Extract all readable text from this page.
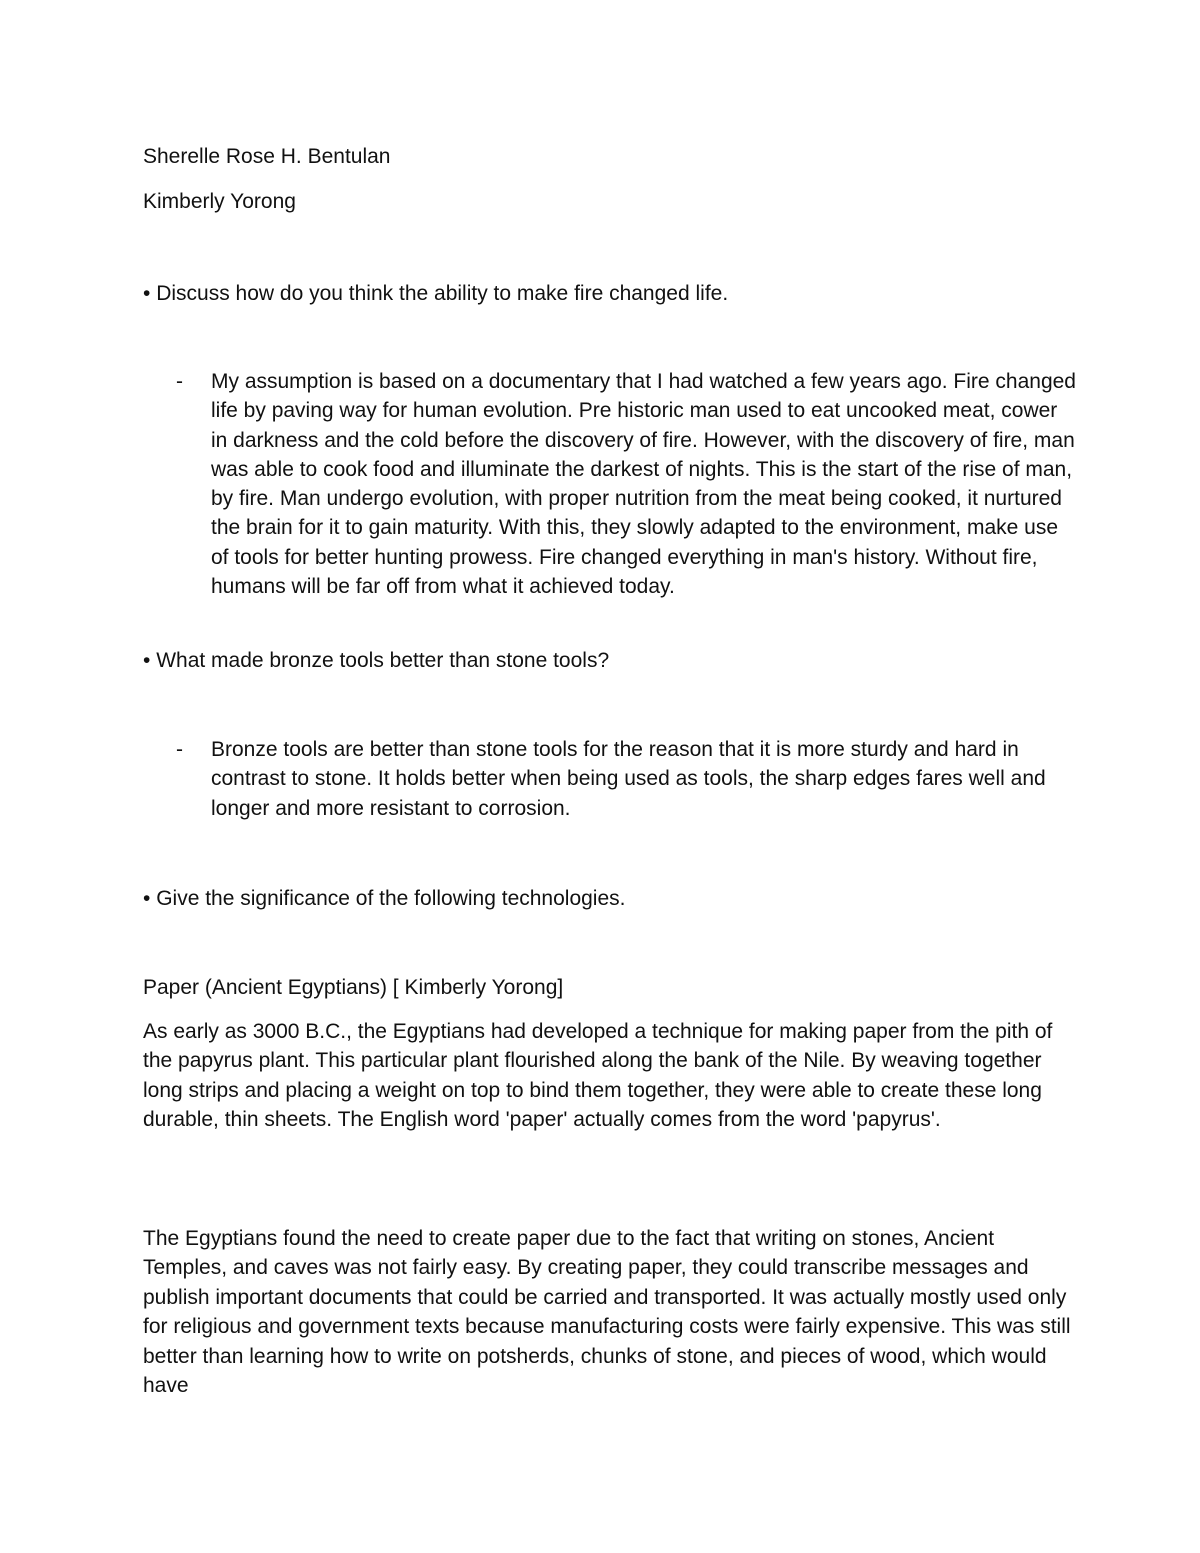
Sherelle Rose H. Bentulan
Kimberly Yorong
• Discuss how do you think the ability to make fire changed life.
- My assumption is based on a documentary that I had watched a few years ago. Fire changed life by paving way for human evolution. Pre historic man used to eat uncooked meat, cower in darkness and the cold before the discovery of fire. However, with the discovery of fire, man was able to cook food and illuminate the darkest of nights. This is the start of the rise of man, by fire. Man undergo evolution, with proper nutrition from the meat being cooked, it nurtured the brain for it to gain maturity. With this, they slowly adapted to the environment, make use of tools for better hunting prowess. Fire changed everything in man's history. Without fire, humans will be far off from what it achieved today.
• What made bronze tools better than stone tools?
- Bronze tools are better than stone tools for the reason that it is more sturdy and hard in contrast to stone. It holds better when being used as tools, the sharp edges fares well and longer and more resistant to corrosion.
• Give the significance of the following technologies.
Paper (Ancient Egyptians) [ Kimberly Yorong]

As early as 3000 B.C., the Egyptians had developed a technique for making paper from the pith of the papyrus plant. This particular plant flourished along the bank of the Nile. By weaving together long strips and placing a weight on top to bind them together, they were able to create these long durable, thin sheets. The English word 'paper' actually comes from the word 'papyrus'.

The Egyptians found the need to create paper due to the fact that writing on stones, Ancient Temples, and caves was not fairly easy. By creating paper, they could transcribe messages and publish important documents that could be carried and transported. It was actually mostly used only for religious and government texts because manufacturing costs were fairly expensive. This was still better than learning how to write on potsherds, chunks of stone, and pieces of wood, which would have
